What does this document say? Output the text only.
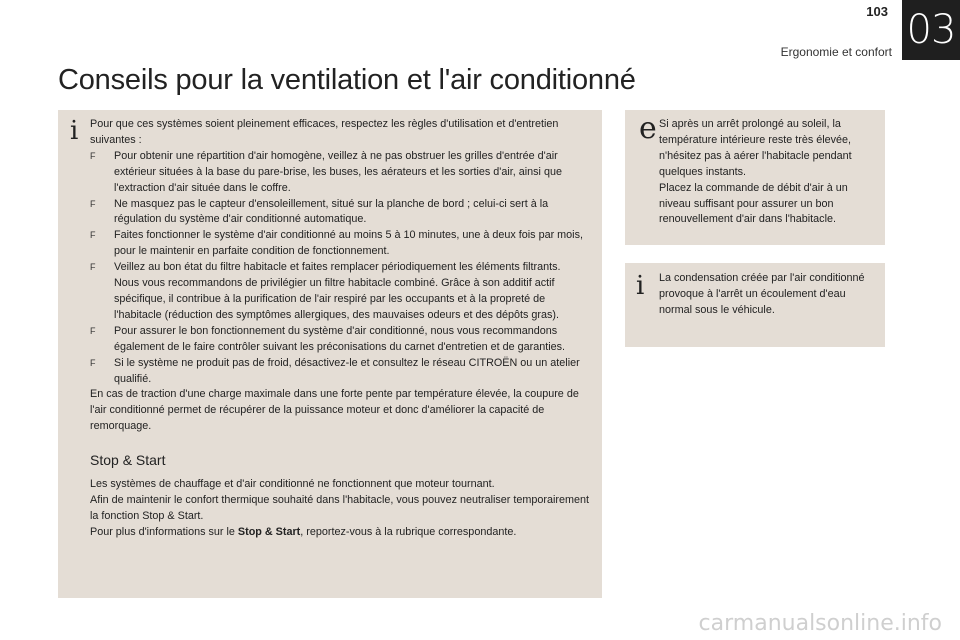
103
Ergonomie et confort 03
Conseils pour la ventilation et l'air conditionné
i Pour que ces systèmes soient pleinement efficaces, respectez les règles d'utilisation et d'entretien suivantes :

F	Pour obtenir une répartition d'air homogène, veillez à ne pas obstruer les grilles d'entrée d'air extérieur situées à la base du pare-brise, les buses, les aérateurs et les sorties d'air, ainsi que l'extraction d'air située dans le coffre.
F	Ne masquez pas le capteur d'ensoleillement, situé sur la planche de bord ; celui-ci sert à la régulation du système d'air conditionné automatique.
F	Faites fonctionner le système d'air conditionné au moins 5 à 10 minutes, une à deux fois par mois, pour le maintenir en parfaite condition de fonctionnement.
F	Veillez au bon état du filtre habitacle et faites remplacer périodiquement les éléments filtrants.
Nous vous recommandons de privilégier un filtre habitacle combiné. Grâce à son additif actif spécifique, il contribue à la purification de l'air respiré par les occupants et à la propreté de l'habitacle (réduction des symptômes allergiques, des mauvaises odeurs et des dépôts gras).
F	Pour assurer le bon fonctionnement du système d'air conditionné, nous vous recommandons également de le faire contrôler suivant les préconisations du carnet d'entretien et de garanties.
F	Si le système ne produit pas de froid, désactivez-le et consultez le réseau CITROËN ou un atelier qualifié.

En cas de traction d'une charge maximale dans une forte pente par température élevée, la coupure de l'air conditionné permet de récupérer de la puissance moteur et donc d'améliorer la capacité de remorquage.

Stop & Start

Les systèmes de chauffage et d'air conditionné ne fonctionnent que moteur tournant.

Afin de maintenir le confort thermique souhaité dans l'habitacle, vous pouvez neutraliser temporairement la fonction Stop & Start.

Pour plus d'informations sur le Stop & Start, reportez-vous à la rubrique correspondante.

e Si après un arrêt prolongé au soleil, la température intérieure reste très élevée, n'hésitez pas à aérer l'habitacle pendant quelques instants.

Placez la commande de débit d'air à un niveau suffisant pour assurer un bon renouvellement d'air dans l'habitacle.

i La condensation créée par l'air conditionné provoque à l'arrêt un écoulement d'eau normal sous le véhicule.

carmanualsonline.info
